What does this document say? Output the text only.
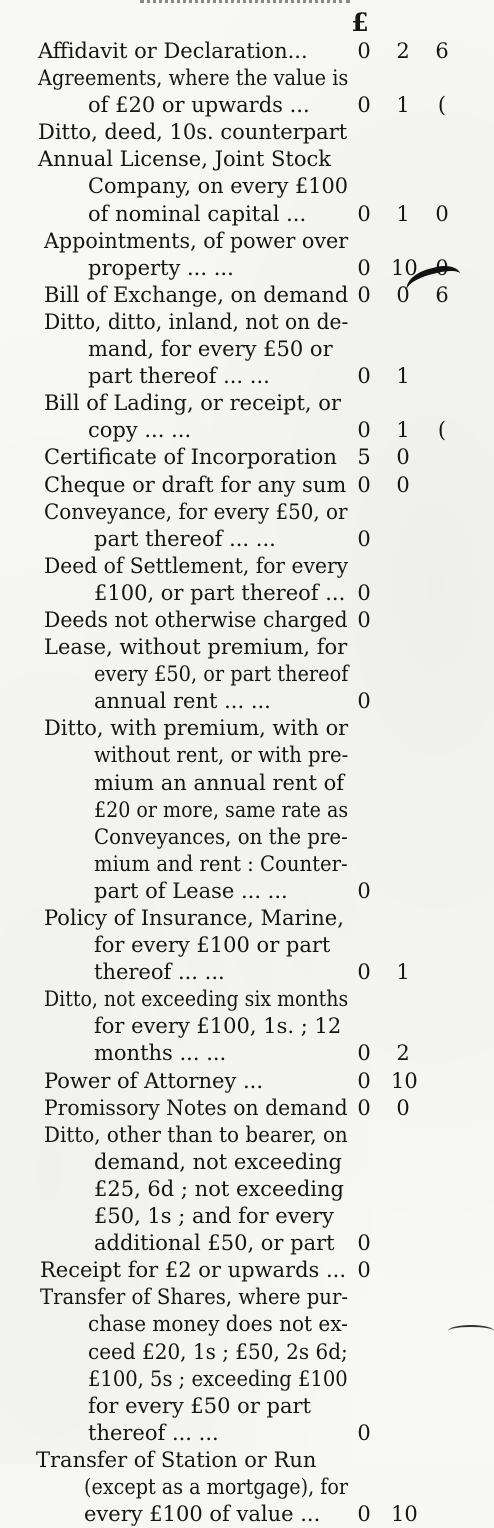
£
Affidavit or Declaration... 0 2 6
Agreements, where the value is
of £20 or upwards ... 0 1	(
Ditto, deed, 10s. counterpart
Annual License, Joint Stock
Company, on every £100
of nominal capital ... 0 1 0
Appointments, of power over
property ... ...	0 10 0
Bill of Exchange, on demand 0 0 6
Ditto, ditto, inland, not on de-
mand, for every £50 or
part thereof ... ...	0 1
Bill of Lading, or receipt, or
copy ... ...	0 1	(
Certificate of Incorporation 5 0
Cheque or draft for any sum 0 0
Conveyance, for every £50, or
part thereof ... ...	0
Deed of Settlement, for every
£100, or part thereof ... 0
Deeds not otherwise charged 0
Lease, without premium, for
every £50, or part thereof
annual rent ... ...	0
Ditto, with premium, with or
without rent, or with pre-
mium an annual rent of
£20 or more, same rate as
Conveyances, on the pre-
mium and rent : Counter-
part of Lease ... ...	0
Policy of Insurance, Marine,
for every £100 or part
thereof ... ...	0 1
Ditto, not exceeding six months
for every £100, 1s. ; 12
months ... ...	0 2
Power of Attorney ...	0 10
Promissory Notes on demand 0 0
Ditto, other than to bearer, on
demand, not exceeding
£25, 6d ; not exceeding
£50, 1s ; and for every
additional £50, or part 0
Receipt for £2 or upwards ... 0
Transfer of Shares, where pur-
chase money does not ex-
ceed £20, 1s ; £50, 2s 6d;
£100, 5s ; exceeding £100
for every £50 or part
thereof ... ...	0
Transfer of Station or Run
(except as a mortgage), for
every £100 of value ... 0 10
